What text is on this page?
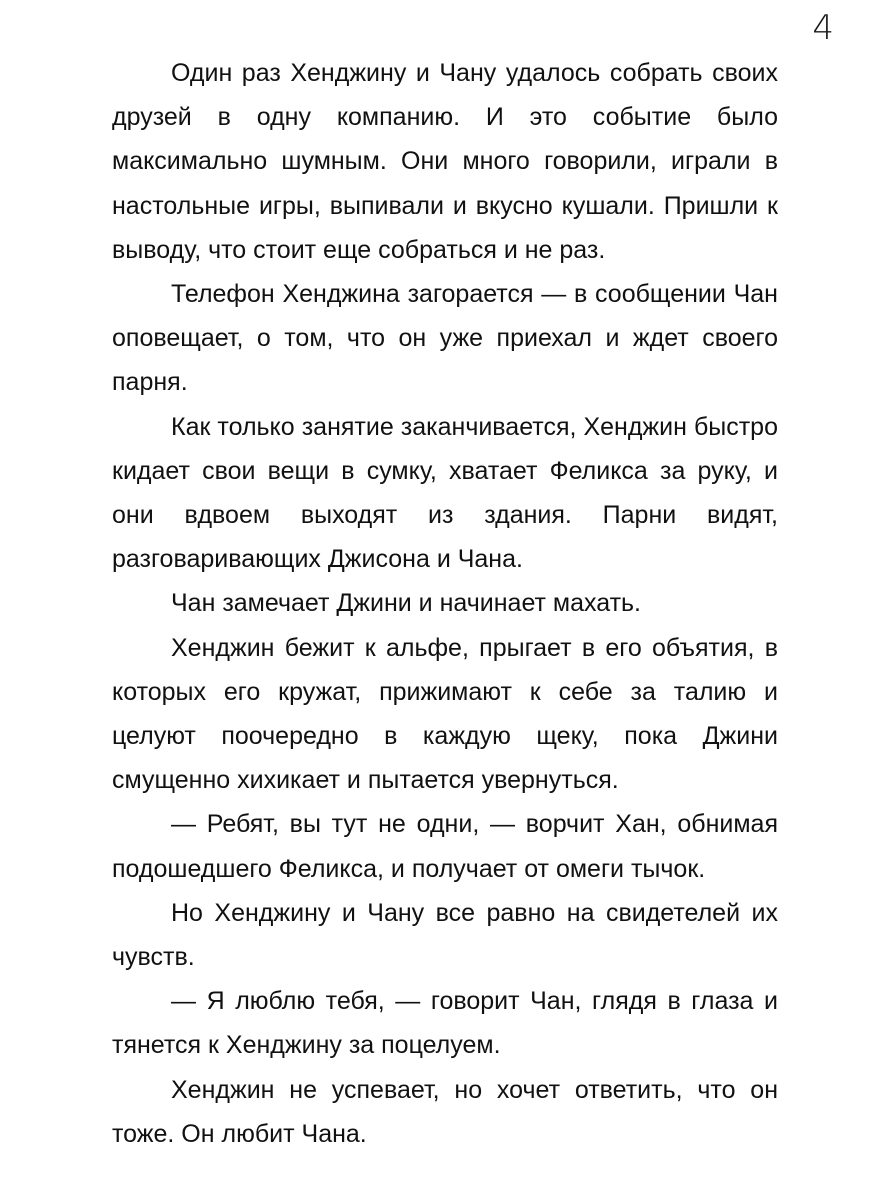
4

Один раз Хенджину и Чану удалось собрать своих друзей в одну компанию. И это событие было максимально шумным. Они много говорили, играли в настольные игры, выпивали и вкусно кушали. Пришли к выводу, что стоит еще собраться и не раз.

Телефон Хенджина загорается — в сообщении Чан оповещает, о том, что он уже приехал и ждет своего парня.

Как только занятие заканчивается, Хенджин быстро кидает свои вещи в сумку, хватает Феликса за руку, и они вдвоем выходят из здания. Парни видят, разговаривающих Джисона и Чана.

Чан замечает Джини и начинает махать.

Хенджин бежит к альфе, прыгает в его объятия, в которых его кружат, прижимают к себе за талию и целуют поочередно в каждую щеку, пока Джини смущенно хихикает и пытается увернуться.

— Ребят, вы тут не одни, — ворчит Хан, обнимая подошедшего Феликса, и получает от омеги тычок.

Но Хенджину и Чану все равно на свидетелей их чувств.

— Я люблю тебя, — говорит Чан, глядя в глаза и тянется к Хенджину за поцелуем.

Хенджин не успевает, но хочет ответить, что он тоже. Он любит Чана.
